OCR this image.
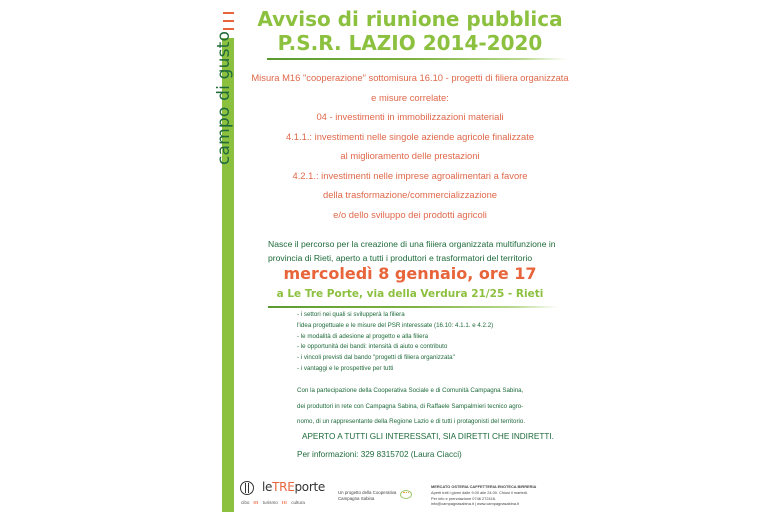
campo di gusto
Avviso di riunione pubblica
P.S.R. LAZIO 2014-2020
Misura M16 "cooperazione" sottomisura 16.10 - progetti di filiera organizzata
e misure correlate:
04 - investimenti in immobilizzazioni materiali
4.1.1.: investimenti nelle singole aziende agricole finalizzate
al miglioramento delle prestazioni
4.2.1.: investimenti nelle imprese agroalimentari a favore
della trasformazione/commercializzazione
e/o dello sviluppo dei prodotti agricoli
Nasce il percorso per la creazione di una fiiiera organizzata multifunzione in
provincia di Rieti, aperto a tutti i produttori e trasformatori del territorio
mercoledì 8 gennaio, ore 17
a Le Tre Porte, via della Verdura 21/25 - Rieti
- i settori nei quali si svilupperà la filiera
l'idea progettuale e le misure del PSR interessate (16.10: 4.1.1. e 4.2.2)
- le modalità di adesione al progetto e alla filiera
- le opportunità dei bandi: intensità di aiuto e contributo
- i vincoli previsti dal bando "progetti di filiera organizzata"
- i vantaggi e le prospettive per tutti
Con la partecipazione della Cooperativa Sociale e di Comunità Campagna Sabina,
dei produttori in rete con Campagna Sabina, di Raffaele Sampalmieri tecnico agro-
nomo, di un rappresentante della Regione Lazio e di tutti i protagonisti del territorio.
APERTO A TUTTI GLI INTERESSATI, SIA DIRETTI CHE INDIRETTI.
Per informazioni: 329 8315702 (Laura Ciacci)
leTREporte
cibo III turismo III cultura
Un progetto della Cooperativa
Campagna Sabina
MERCATO OSTERIA CAFFETTERIA ENOTECA BIRRERIA
Aperti tutti i giorni dalle 9.00 alle 24.00. Chiusi il martedì.
Per info e prenotazione 0746 272416.
info@campagnasabina.it | www.campagnasabina.it
